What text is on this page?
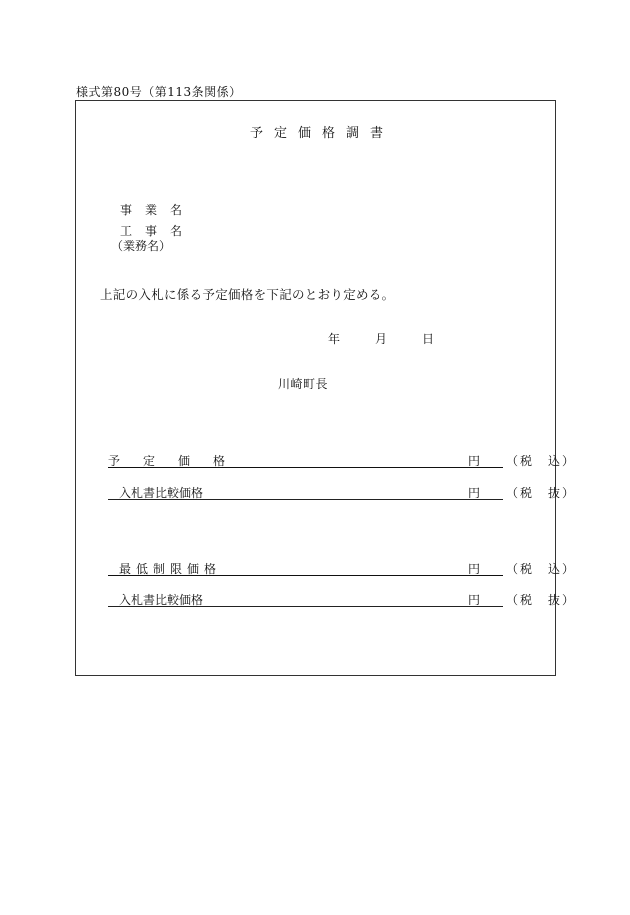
様式第80号（第113条関係）
予定価格調書
事業名
工事名
（業務名）
上記の入札に係る予定価格を下記のとおり定める。
年	月	日
川崎町長
予定価格	円 （税　込）
入札書比較価格	円 （税　抜）
最低制限価格	円 （税　込）
入札書比較価格	円 （税　抜）
